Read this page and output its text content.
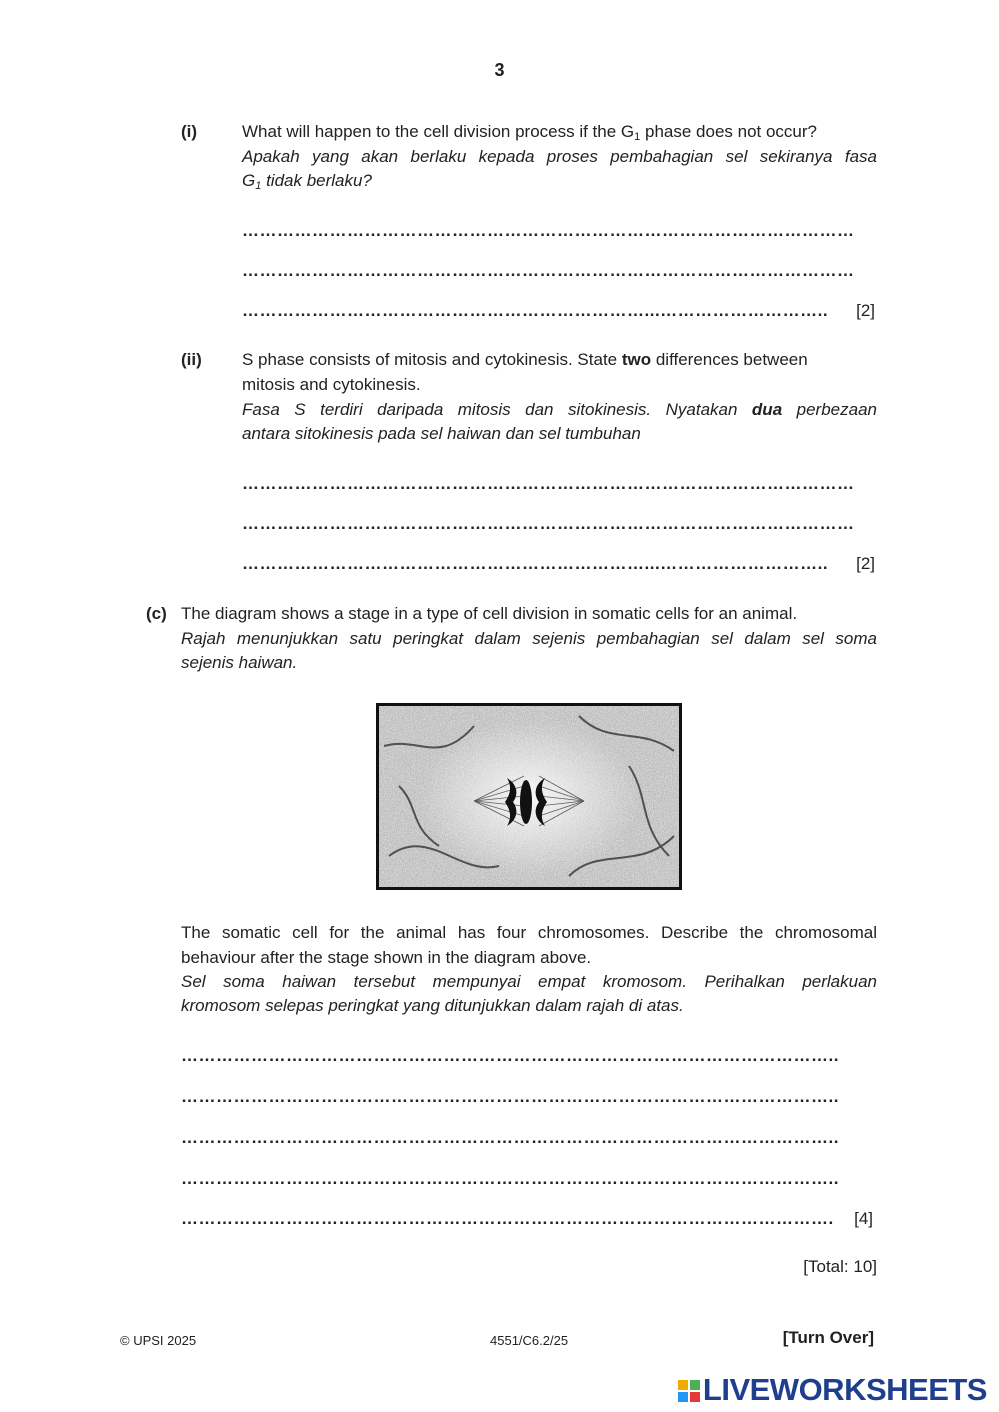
3
(i)	What will happen to the cell division process if the $G_1$ phase does not occur?
Apakah yang akan berlaku kepada proses pembahagian sel sekiranya fasa
$G_1$ tidak berlaku?
……………………………………………………………………………………………
……………………………………………………………………………………………
……………………………………………………………...………………………..	[2]
(ii) S phase consists of mitosis and cytokinesis. State two differences between
mitosis and cytokinesis.
Fasa S terdiri daripada mitosis dan sitokinesis. Nyatakan dua perbezaan
antara sitokinesis pada sel haiwan dan sel tumbuhan
……………………………………………………………………………………………
……………………………………………………………………………………………
……………………………………………………………...………………………..	[2]
(c) The diagram shows a stage in a type of cell division in somatic cells for an animal.
Rajah menunjukkan satu peringkat dalam sejenis pembahagian sel dalam sel soma
sejenis haiwan.
The somatic cell for the animal has four chromosomes. Describe the chromosomal
behaviour after the stage shown in the diagram above.
Sel soma haiwan tersebut mempunyai empat kromosom. Perihalkan perlakuan
kromosom selepas peringkat yang ditunjukkan dalam rajah di atas.
…………………………………………………………………………………………………..
…………………………………………………………………………………………………..
…………………………………………………………………………………………………..
…………………………………………………………………………………………………..
………………………………………………………………………………………………….	[4]
[Total: 10]
© UPSI 2025	4551/C6.2/25	[Turn Over]
LIVEWORKSHEETS
